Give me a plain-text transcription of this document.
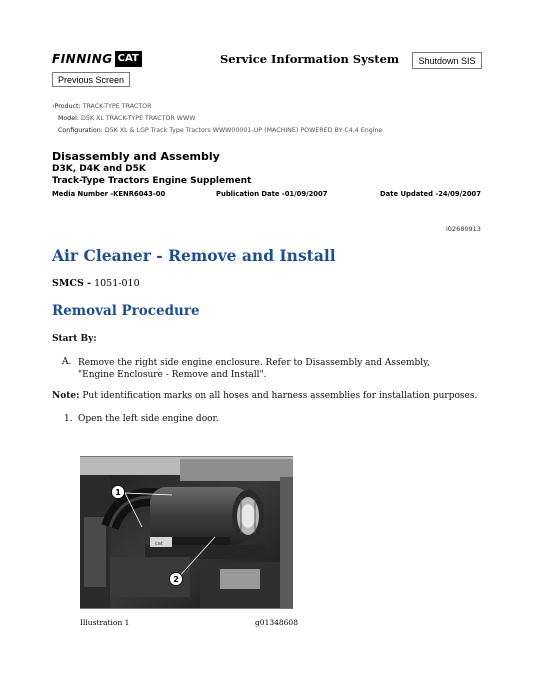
FINNING CAT	Service Information System	Shutdown SIS
Previous Screen
‹Product: TRACK-TYPE TRACTOR
Model: D5K XL TRACK-TYPE TRACTOR WWW
Configuration: D5K XL & LGP Track Type Tractors WWW00001-UP (MACHINE) POWERED BY C4.4 Engine
Disassembly and Assembly
D3K, D4K and D5K
Track-Type Tractors Engine Supplement
Media Number -KENR6043-00	Publication Date -01/09/2007	Date Updated -24/09/2007
i02680913
Air Cleaner - Remove and Install
SMCS - 1051-010
Removal Procedure
Start By:
A. Remove the right side engine enclosure. Refer to Disassembly and Assembly, "Engine Enclosure - Remove and Install".
Note: Put identification marks on all hoses and harness assemblies for installation purposes.
1. Open the left side engine door.
1
2
cat
Illustration 1	g01348608
